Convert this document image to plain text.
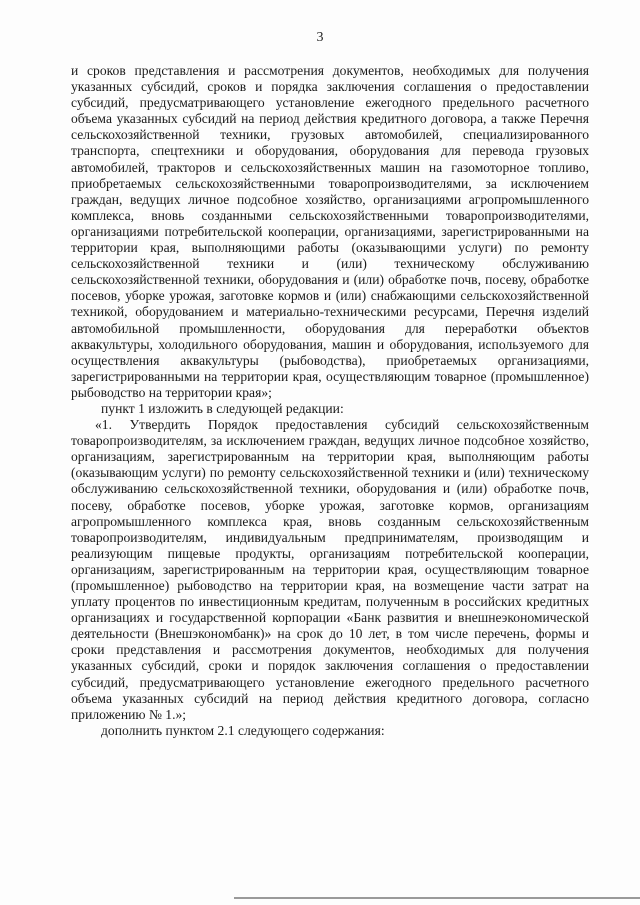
3

и сроков представления и рассмотрения документов, необходимых для получения указанных субсидий, сроков и порядка заключения соглашения о предоставлении субсидий, предусматривающего установление ежегодного предельного расчетного объема указанных субсидий на период действия кредитного договора, а также Перечня сельскохозяйственной техники, грузовых автомобилей, специализированного транспорта, спецтехники и оборудования, оборудования для перевода грузовых автомобилей, тракторов и сельскохозяйственных машин на газомоторное топливо, приобретаемых сельскохозяйственными товаропроизводителями, за исключением граждан, ведущих личное подсобное хозяйство, организациями агропромышленного комплекса, вновь созданными сельскохозяйственными товаропроизводителями, организациями потребительской кооперации, организациями, зарегистрированными на территории края, выполняющими работы (оказывающими услуги) по ремонту сельскохозяйственной техники и (или) техническому обслуживанию сельскохозяйственной техники, оборудования и (или) обработке почв, посеву, обработке посевов, уборке урожая, заготовке кормов и (или) снабжающими сельскохозяйственной техникой, оборудованием и материально-техническими ресурсами, Перечня изделий автомобильной промышленности, оборудования для переработки объектов аквакультуры, холодильного оборудования, машин и оборудования, используемого для осуществления аквакультуры (рыбоводства), приобретаемых организациями, зарегистрированными на территории края, осуществляющим товарное (промышленное) рыбоводство на территории края»;

пункт 1 изложить в следующей редакции:

«1. Утвердить Порядок предоставления субсидий сельскохозяйственным товаропроизводителям, за исключением граждан, ведущих личное подсобное хозяйство, организациям, зарегистрированным на территории края, выполняющим работы (оказывающим услуги) по ремонту сельскохозяйственной техники и (или) техническому обслуживанию сельскохозяйственной техники, оборудования и (или) обработке почв, посеву, обработке посевов, уборке урожая, заготовке кормов, организациям агропромышленного комплекса края, вновь созданным сельскохозяйственным товаропроизводителям, индивидуальным предпринимателям, производящим и реализующим пищевые продукты, организациям потребительской кооперации, организациям, зарегистрированным на территории края, осуществляющим товарное (промышленное) рыбоводство на территории края, на возмещение части затрат на уплату процентов по инвестиционным кредитам, полученным в российских кредитных организациях и государственной корпорации «Банк развития и внешнеэкономической деятельности (Внешэкономбанк)» на срок до 10 лет, в том числе перечень, формы и сроки представления и рассмотрения документов, необходимых для получения указанных субсидий, сроки и порядок заключения соглашения о предоставлении субсидий, предусматривающего установление ежегодного предельного расчетного объема указанных субсидий на период действия кредитного договора, согласно приложению № 1.»;

дополнить пунктом 2.1 следующего содержания:
